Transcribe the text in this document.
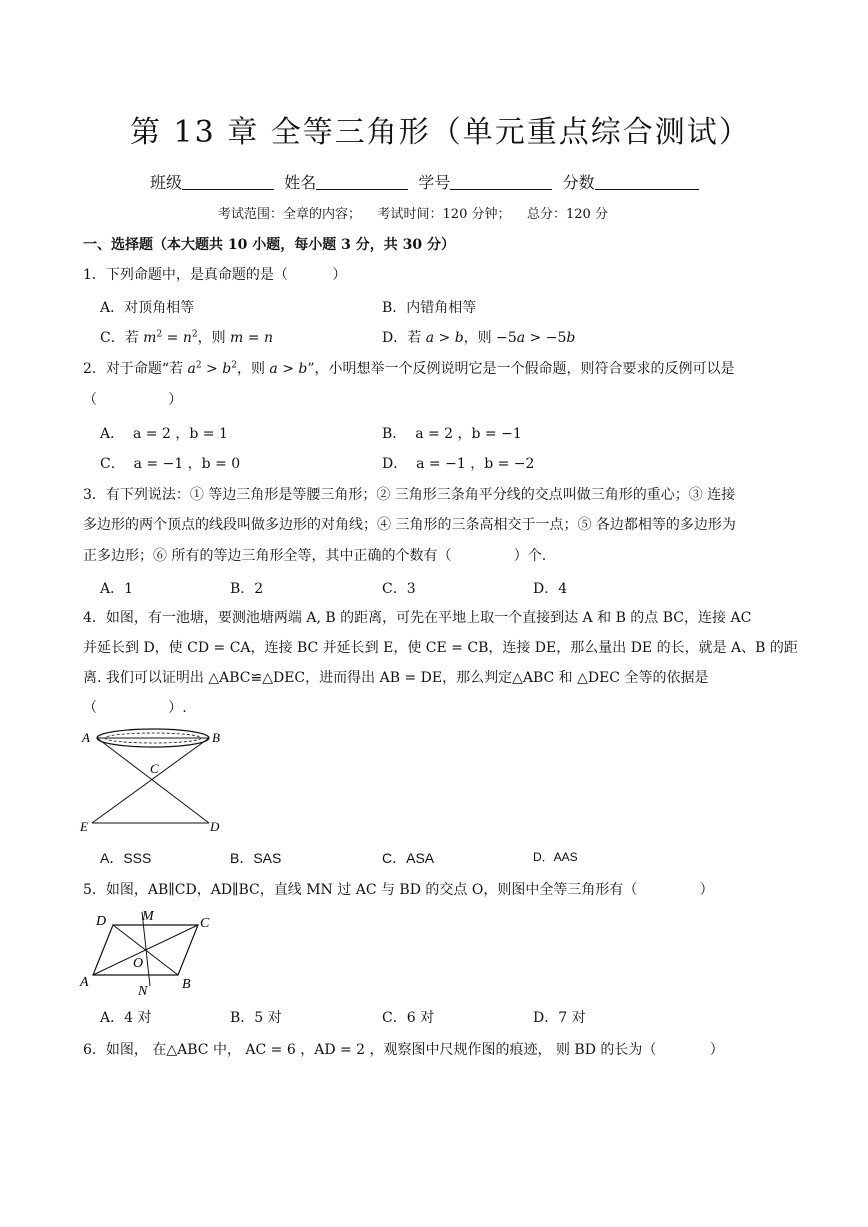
第 13 章 全等三角形（单元重点综合测试）
班级	姓名	学号	分数
考试范围：全章的内容；    考试时间：120 分钟；    总分：120 分
一、选择题（本大题共 10 小题，每小题 3 分，共 30 分）
1．下列命题中，是真命题的是（          ）
A．对顶角相等	B．内错角相等
C．若 $m^2 = n^2$，则 m = n	D．若 a > b，则 −5a > −5b
2．对于命题“若 $a^2 > b^2$，则 a > b”，小明想举一个反例说明它是一个假命题，则符合要求的反例可以是
（                ）
A．  a = 2 ，b = 1	B．  a = 2 ，b = −1
C．  a = −1 ，b = 0	D．  a = −1 ，b = −2
3．有下列说法：① 等边三角形是等腰三角形；② 三角形三条角平分线的交点叫做三角形的重心；③ 连接
多边形的两个顶点的线段叫做多边形的对角线；④ 三角形的三条高相交于一点；⑤ 各边都相等的多边形为
正多边形；⑥ 所有的等边三角形全等，其中正确的个数有（              ）个.
A．1	B．2	C．3	D．4
4．如图，有一池塘，要测池塘两端 A, B 的距离，可先在平地上取一个直接到达 A 和 B 的点 BC，连接 AC
并延长到 D，使 CD = CA，连接 BC 并延长到 E，使 CE = CB，连接 DE，那么量出 DE 的长，就是 A、B 的距
离. 我们可以证明出 △ABC≌△DEC，进而得出 AB = DE，那么判定△ABC 和 △DEC 全等的依据是
（                ）.
A	B
C
E	D
A．SSS	B．SAS	C．ASA	D．AAS
5．如图，AB∥CD，AD∥BC，直线 MN 过 AC 与 BD 的交点 O，则图中全等三角形有（              ）
D	M	C
O
A
N B
A．4 对	B．5 对	C．6 对	D．7 对
6．如图， 在△ABC 中， AC = 6 ，AD = 2 ，观察图中尺规作图的痕迹， 则 BD 的长为（            ）
